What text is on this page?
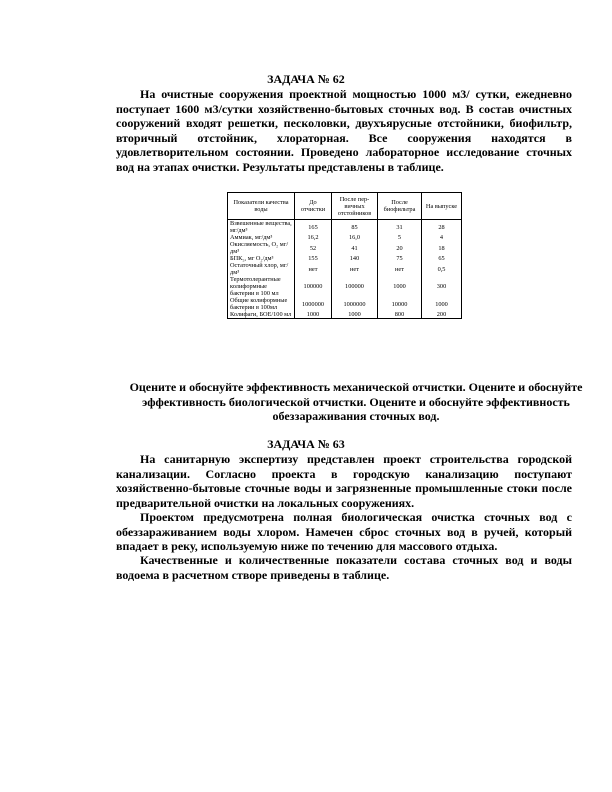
ЗАДАЧА № 62

На очистные сооружения проектной мощностью 1000 м3/ сутки, ежедневно поступает 1600 м3/сутки хозяйственно-бытовых сточных вод. В состав очистных сооружений входят решетки, песколовки, двухъярусные отстойники, биофильтр, вторичный отстойник, хлораторная. Все сооружения находятся в удовлетворительном состоянии. Проведено лабораторное исследование сточных вод на этапах очистки. Результаты представлены в таблице.

Показатели качества воды	До отчистки	После пер-вичных отстойников	После биофильтра	На выпуске
Взвешенные вещества, мг/дм³	165	85	31	28
Аммиак, мг/дм³	16,2	16,0	5	4
Окисляемость, О₂ мг/дм³	52	41	20	18
БПК₅, мг О₂/дм³	155	140	75	65
Остаточный хлор, мг/дм³	нет	нет	нет	0,5
Термотолерантные колиформные бактерии в 100 мл	100000	100000	1000	300
Общие колиформные бактерии в 100мл	1000000	1000000	10000	1000
Колифаги, БОЕ/100 мл	1000	1000	800	200

Оцените и обоснуйте эффективность механической отчистки. Оцените и обоснуйте эффективность биологической отчистки. Оцените и обоснуйте эффективность обеззараживания сточных вод.

ЗАДАЧА № 63

На санитарную экспертизу представлен проект строительства городской канализации. Согласно проекта в городскую канализацию поступают хозяйственно-бытовые сточные воды и загрязненные промышленные стоки после предварительной очистки на локальных сооружениях.

Проектом предусмотрена полная биологическая очистка сточных вод с обеззараживанием воды хлором. Намечен сброс сточных вод в ручей, который впадает в реку, используемую ниже по течению для массового отдыха.

Качественные и количественные показатели состава сточных вод и воды водоема в расчетном створе приведены в таблице.
